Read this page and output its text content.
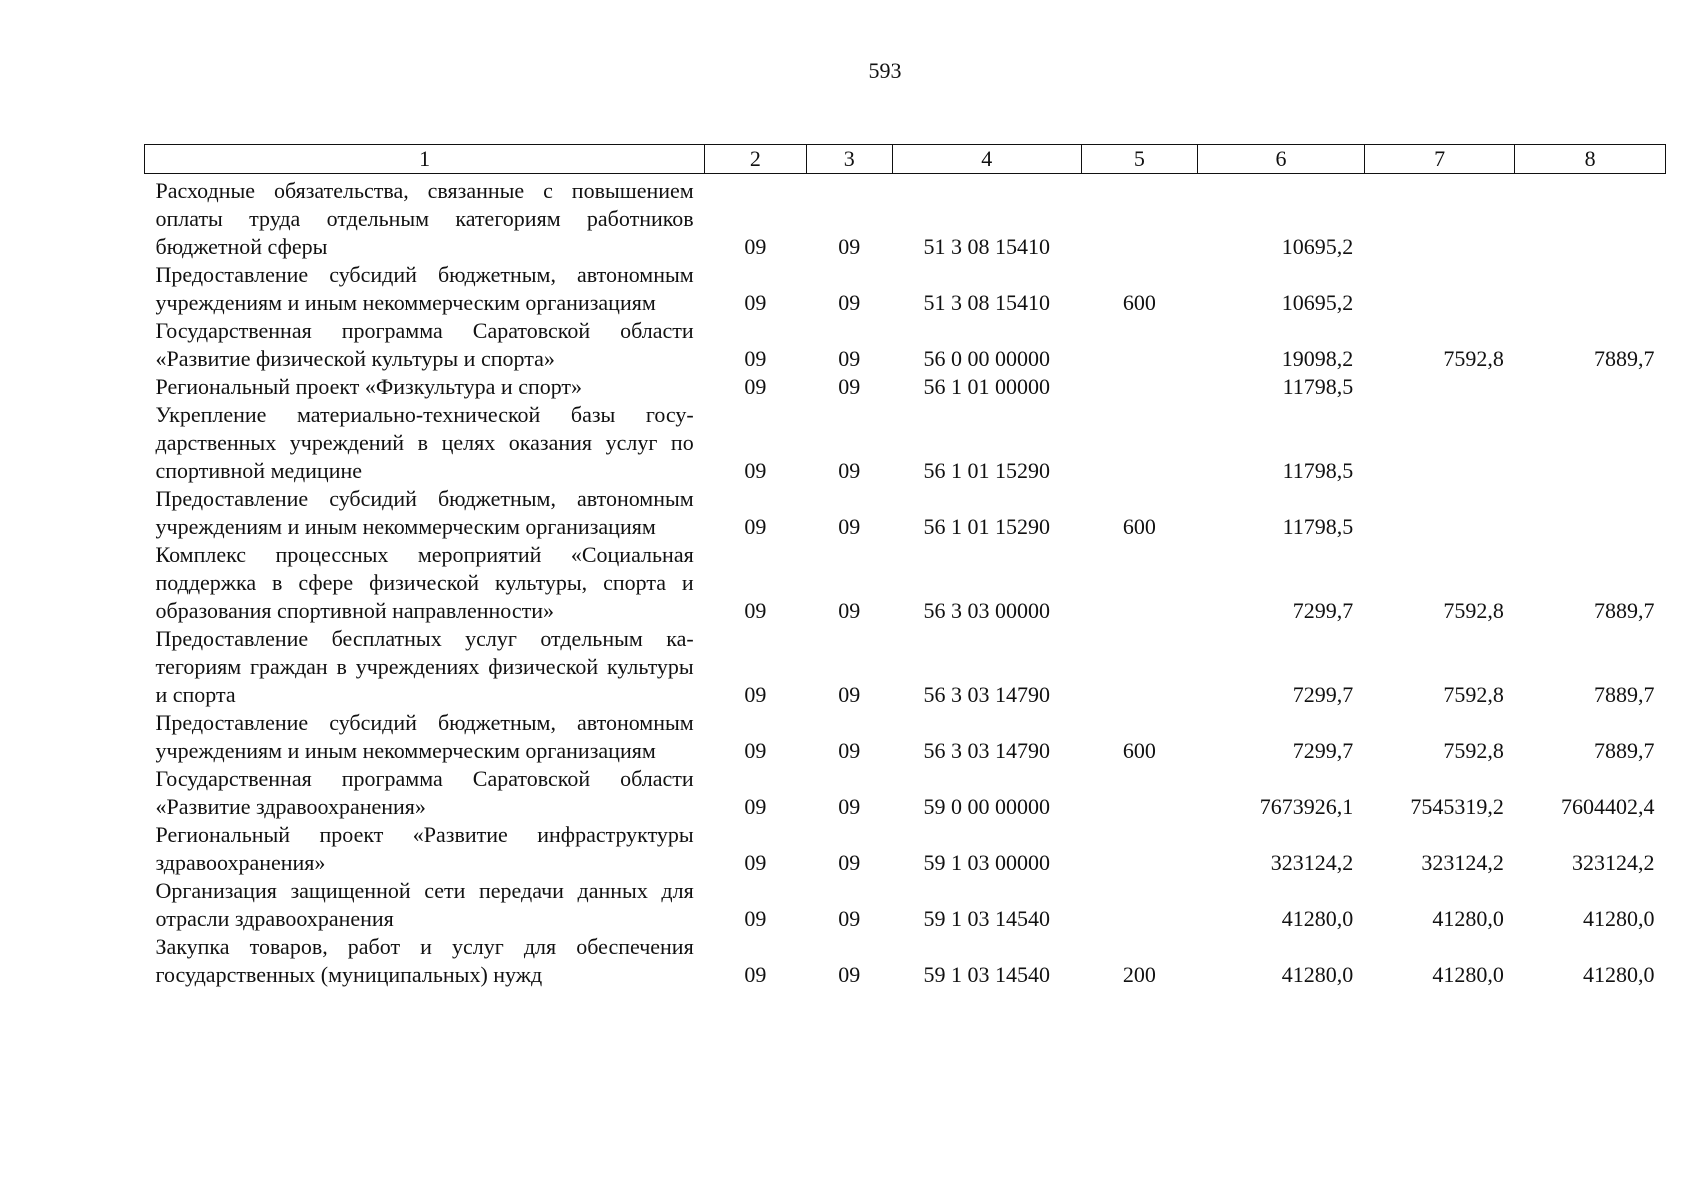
593
1	2	3	4	5	6	7	8
Расходные обязательства, связанные с повышением оплаты труда отдельным категориям работников бюджетной сферы	09	09	51 3 08 15410		10695,2		
Предоставление субсидий бюджетным, автономным учреждениям и иным некоммерческим организациям	09	09	51 3 08 15410	600	10695,2		
Государственная программа Саратовской области «Развитие физической культуры и спорта»	09	09	56 0 00 00000		19098,2	7592,8	7889,7
Региональный проект «Физкультура и спорт»	09	09	56 1 01 00000		11798,5		
Укрепление материально-технической базы государственных учреждений в целях оказания услуг по спортивной медицине	09	09	56 1 01 15290		11798,5		
Предоставление субсидий бюджетным, автономным учреждениям и иным некоммерческим организациям	09	09	56 1 01 15290	600	11798,5		
Комплекс процессных мероприятий «Социальная поддержка в сфере физической культуры, спорта и образования спортивной направленности»	09	09	56 3 03 00000		7299,7	7592,8	7889,7
Предоставление бесплатных услуг отдельным категориям граждан в учреждениях физической культуры и спорта	09	09	56 3 03 14790		7299,7	7592,8	7889,7
Предоставление субсидий бюджетным, автономным учреждениям и иным некоммерческим организациям	09	09	56 3 03 14790	600	7299,7	7592,8	7889,7
Государственная программа Саратовской области «Развитие здравоохранения»	09	09	59 0 00 00000		7673926,1	7545319,2	7604402,4
Региональный проект «Развитие инфраструктуры здравоохранения»	09	09	59 1 03 00000		323124,2	323124,2	323124,2
Организация защищенной сети передачи данных для отрасли здравоохранения	09	09	59 1 03 14540		41280,0	41280,0	41280,0
Закупка товаров, работ и услуг для обеспечения государственных (муниципальных) нужд	09	09	59 1 03 14540	200	41280,0	41280,0	41280,0
